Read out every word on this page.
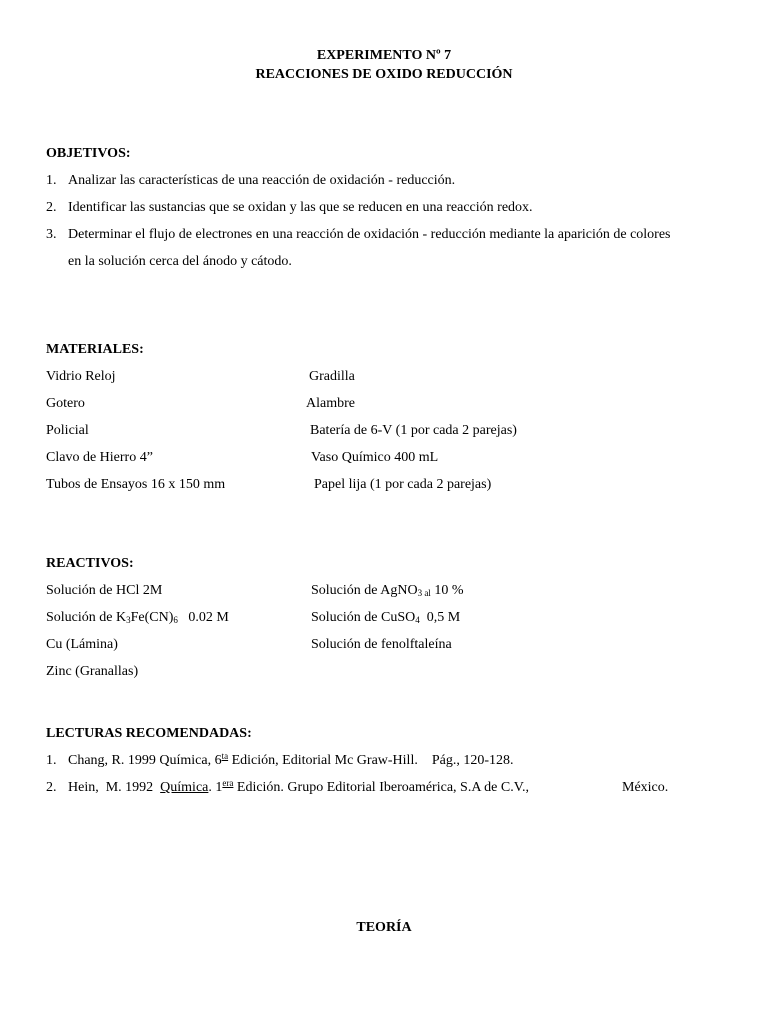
EXPERIMENTO Nº 7
REACCIONES DE OXIDO REDUCCIÓN
OBJETIVOS:
1. Analizar las características de una reacción de oxidación - reducción.
2. Identificar las sustancias que se oxidan y las que se reducen en una reacción redox.
3. Determinar el flujo de electrones en una reacción de oxidación - reducción mediante la aparición de colores
en la solución cerca del ánodo y cátodo.
MATERIALES:
Vidrio Reloj
Gotero
Policial
Clavo de Hierro 4”
Tubos de Ensayos 16 x 150 mm
Gradilla
Alambre
Batería de 6-V (1 por cada 2 parejas)
Vaso Químico 400 mL
Papel lija (1 por cada 2 parejas)
REACTIVOS:
Solución de HCl 2M
Solución de $K_3Fe(CN)_6$   0.02 M
Cu (Lámina)
Zinc (Granallas)
Solución de AgNO$_{3 al}$ 10 %
Solución de CuSO$_4$  0,5 M
Solución de fenolftaleína
LECTURAS RECOMENDADAS:
1. Chang, R. 1999 Química, $6^{ta}$ Edición, Editorial Mc Graw-Hill.    Pág., 120-128.
2. Hein,  M. 1992  Química. $1^{era}$ Edición. Grupo Editorial Iberoamérica, S.A de C.V.,	México.
TEORÍA
